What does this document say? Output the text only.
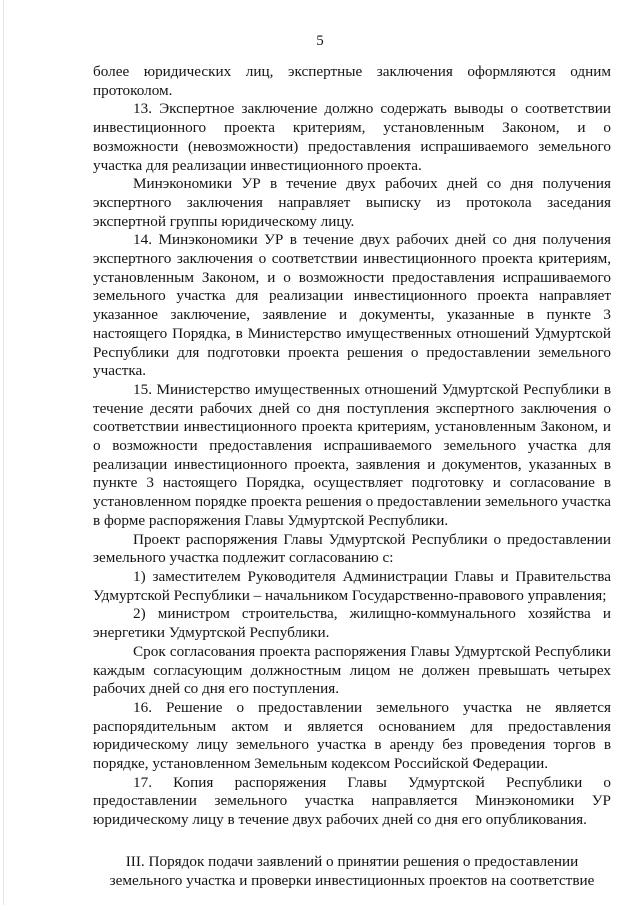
5

более юридических лиц, экспертные заключения оформляются одним протоколом.

13. Экспертное заключение должно содержать выводы о соответствии инвестиционного проекта критериям, установленным Законом, и о возможности (невозможности) предоставления испрашиваемого земельного участка для реализации инвестиционного проекта.

Минэкономики УР в течение двух рабочих дней со дня получения экспертного заключения направляет выписку из протокола заседания экспертной группы юридическому лицу.

14. Минэкономики УР в течение двух рабочих дней со дня получения экспертного заключения о соответствии инвестиционного проекта критериям, установленным Законом, и о возможности предоставления испрашиваемого земельного участка для реализации инвестиционного проекта направляет указанное заключение, заявление и документы, указанные в пункте 3 настоящего Порядка, в Министерство имущественных отношений Удмуртской Республики для подготовки проекта решения о предоставлении земельного участка.

15. Министерство имущественных отношений Удмуртской Республики в течение десяти рабочих дней со дня поступления экспертного заключения о соответствии инвестиционного проекта критериям, установленным Законом, и о возможности предоставления испрашиваемого земельного участка для реализации инвестиционного проекта, заявления и документов, указанных в пункте 3 настоящего Порядка, осуществляет подготовку и согласование в установленном порядке проекта решения о предоставлении земельного участка в форме распоряжения Главы Удмуртской Республики.

Проект распоряжения Главы Удмуртской Республики о предоставлении земельного участка подлежит согласованию с:

1) заместителем Руководителя Администрации Главы и Правительства Удмуртской Республики – начальником Государственно-правового управления;

2) министром строительства, жилищно-коммунального хозяйства и энергетики Удмуртской Республики.

Срок согласования проекта распоряжения Главы Удмуртской Республики каждым согласующим должностным лицом не должен превышать четырех рабочих дней со дня его поступления.

16. Решение о предоставлении земельного участка не является распорядительным актом и является основанием для предоставления юридическому лицу земельного участка в аренду без проведения торгов в порядке, установленном Земельным кодексом Российской Федерации.

17. Копия распоряжения Главы Удмуртской Республики о предоставлении земельного участка направляется Минэкономики УР юридическому лицу в течение двух рабочих дней со дня его опубликования.

III. Порядок подачи заявлений о принятии решения о предоставлении
земельного участка и проверки инвестиционных проектов на соответствие
